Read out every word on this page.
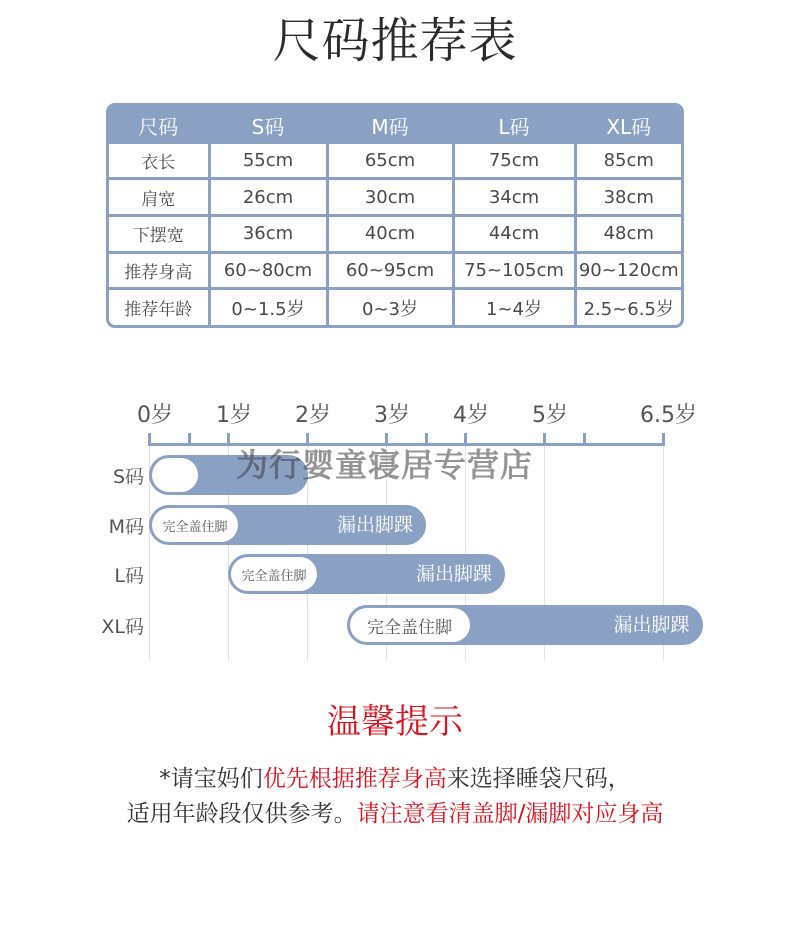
尺码推荐表
尺码	S码	M码	L码	XL码
衣长	55cm	65cm	75cm	85cm
肩宽	26cm	30cm	34cm	38cm
下摆宽	36cm	40cm	44cm	48cm
推荐身高	60~80cm	60~95cm	75~105cm	90~120cm
推荐年龄	0~1.5岁	0~3岁	1~4岁	2.5~6.5岁
0岁 1岁 2岁 3岁 4岁 5岁	6.5岁
S码
M码	完全盖住脚	漏出脚踝
L码	完全盖住脚	漏出脚踝
XL码	完全盖住脚	漏出脚踝
为行婴童寝居专营店
温馨提示
*请宝妈们优先根据推荐身高来选择睡袋尺码，
适用年龄段仅供参考。请注意看清盖脚/漏脚对应身高
